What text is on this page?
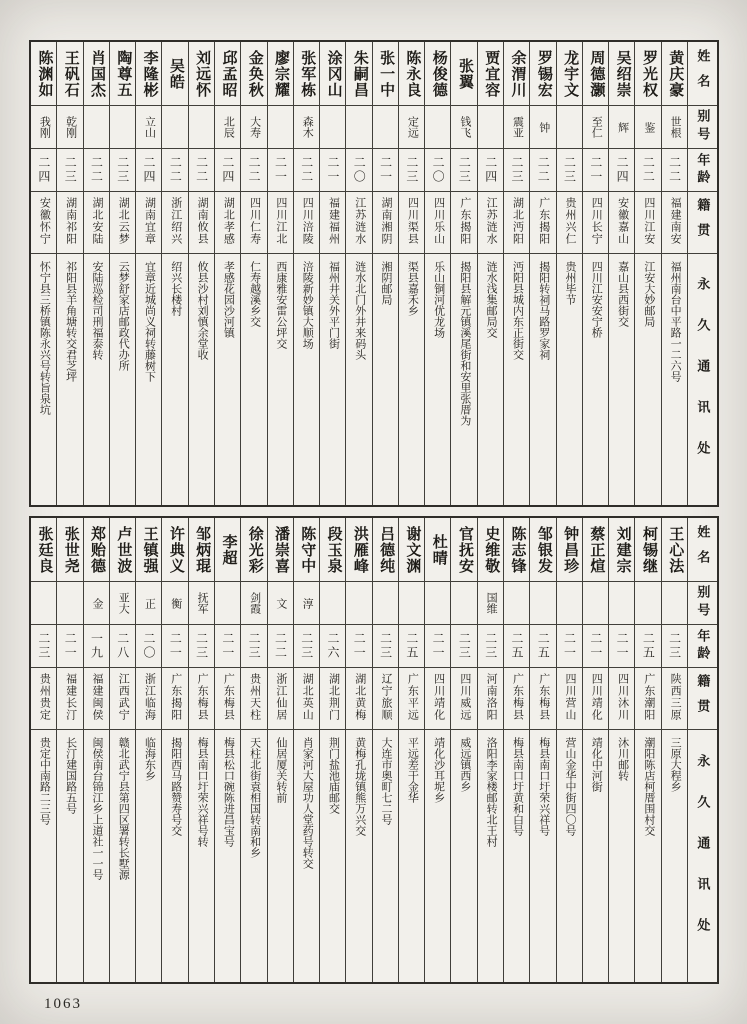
姓名
别号
年龄
籍贯
永久通讯处
黄庆豪
世根
二二
福建南安
福州南台中平路一二六号
罗光权
鉴
二二
四川江安
江安大妙邮局
吴绍崇
辉
二四
安徽嘉山
嘉山县西街交
周德灏
至仁
二一
四川长宁
四川江安安宁桥
龙宇文
二三
贵州兴仁
贵州毕节
罗锡宏
钟
二二
广东揭阳
揭阳转祠马路罗家祠
余渭川
震亚
二三
湖北沔阳
沔阳县城内东正街交
贾宜容
二四
江苏涟水
涟水浅集邮局交
张翼
钱飞
二三
广东揭阳
揭阳县解元镇溪尾街和安里张厝为
杨俊德
二〇
四川乐山
乐山铜河优龙场
陈永良
定远
二三
四川渠县
渠县嘉禾乡
张一中
二一
湖南湘阴
湘阴邮局
朱嗣昌
二〇
江苏涟水
涟水北门外井来码头
涂冈山
二一
福建福州
福州井关外平门街
张军栋
森木
二二
四川涪陵
涪陵新妙镇大顺场
廖宗耀
二一
四川江北
西康雅安雷公坪交
金奂秋
大寿
二二
四川仁寿
仁寿越溪乡交
邱孟昭
北辰
二四
湖北孝感
孝感花园沙河镇
刘远怀
二二
湖南攸县
攸县沙村刘慎余堂收
吴皓
二二
浙江绍兴
绍兴长楼村
李隆彬
立山
二四
湖南宜章
宜章近城尚义祠转藤树下
陶尊五
二三
湖北云梦
云梦舒家店邮政代办所
肖国杰
二二
湖北安陆
安陆巡检司刑福泰转
王矾石
乾刚
二三
湖南祁阳
祁阳县羊角塘转交君芝坪
陈渊如
我刚
二四
安徽怀宁
怀宁县三桥镇陈永兴号转旨泉坑
姓名
别号
年龄
籍贯
永久通讯处
王心法
二三
陕西三原
三原大程乡
柯锡继
二五
广东潮阳
潮阳陈店柯厝围村交
刘建宗
二一
四川沐川
沐川邮转
蔡正煊
二一
四川靖化
靖化中河街
钟昌珍
二一
四川营山
营山金华中街四〇号
邹银发
二五
广东梅县
梅县南口圩荣兴祥号
陈志锋
二五
广东梅县
梅县南口圩黄和白号
史维敬
国维
二三
河南洛阳
洛阳李家楼邮转北王村
官抚安
二三
四川威远
威远镇西乡
杜晴
二一
四川靖化
靖化沙耳坭乡
谢文渊
二五
广东平远
平远差干金华
吕德纯
二三
辽宁旅顺
大连市奥町七二号
洪雁峰
二一
湖北黄梅
黄梅孔垅镇熊万兴交
段玉泉
二六
湖北荆门
荆门盐池庙邮交
陈守中
淳
二三
湖北英山
肖家河大屋功人堂药号转交
潘崇喜
文
二二
浙江仙居
仙居厦关转前
徐光彩
剑霞
二三
贵州天柱
天柱北街袁相国转南和乡
李超
二一
广东梅县
梅县松口碗陈进昌宝号
邹炳琨
抚军
二三
广东梅县
梅县南口圩荣兴祥号转
许典义
衡
二一
广东揭阳
揭阳西马路赞寿号交
王镇强
正
二〇
浙江临海
临海东乡
卢世波
亚大
二八
江西武宁
赣北武宁县第四区署转长墅源
郑贻德
金
一九
福建闽侯
闽侯南台锦江乡上道社一一号
张世尧
二一
福建长汀
长汀建国路五号
张廷良
二三
贵州贵定
贵定中南路二三号
1063
